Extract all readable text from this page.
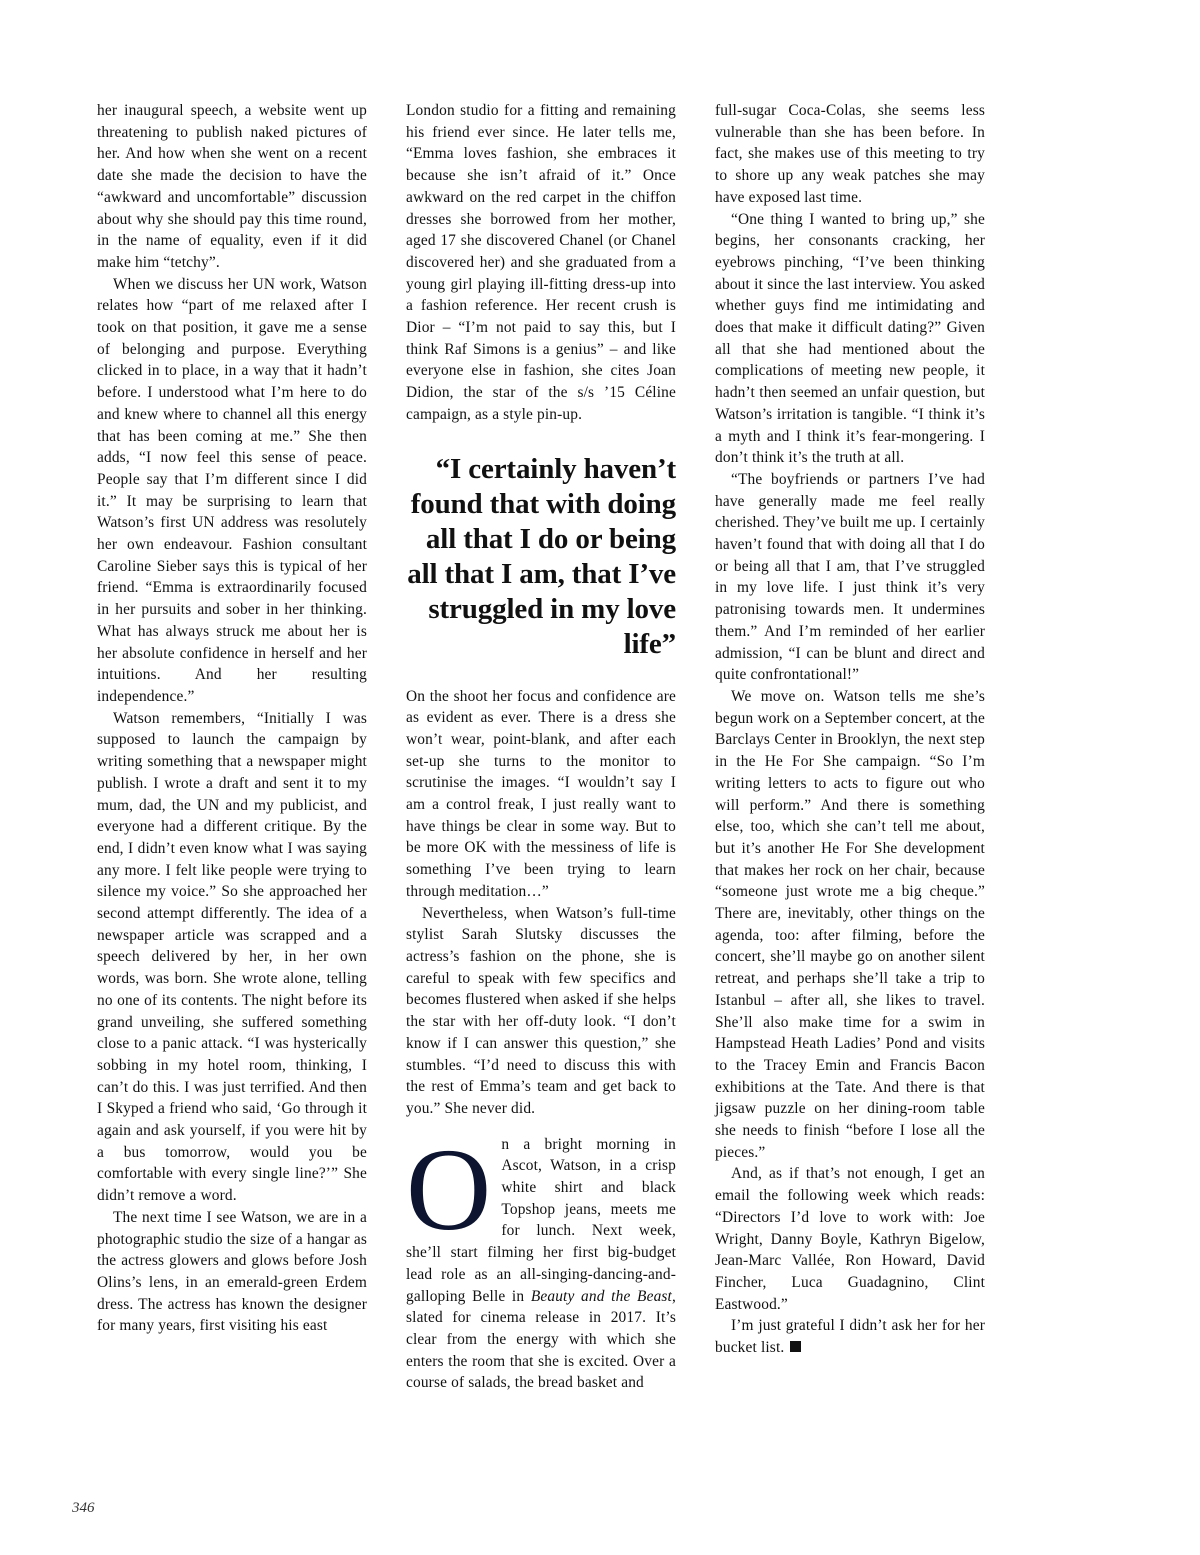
her inaugural speech, a website went up threatening to publish naked pictures of her. And how when she went on a recent date she made the decision to have the “awkward and uncomfortable” discussion about why she should pay this time round, in the name of equality, even if it did make him “tetchy”.

When we discuss her UN work, Watson relates how “part of me relaxed after I took on that position, it gave me a sense of belonging and purpose. Everything clicked in to place, in a way that it hadn’t before. I understood what I’m here to do and knew where to channel all this energy that has been coming at me.” She then adds, “I now feel this sense of peace. People say that I’m different since I did it.” It may be surprising to learn that Watson’s first UN address was resolutely her own endeavour. Fashion consultant Caroline Sieber says this is typical of her friend. “Emma is extraordinarily focused in her pursuits and sober in her thinking. What has always struck me about her is her absolute confidence in herself and her intuitions. And her resulting independence.”

Watson remembers, “Initially I was supposed to launch the campaign by writing something that a newspaper might publish. I wrote a draft and sent it to my mum, dad, the UN and my publicist, and everyone had a different critique. By the end, I didn’t even know what I was saying any more. I felt like people were trying to silence my voice.” So she approached her second attempt differently. The idea of a newspaper article was scrapped and a speech delivered by her, in her own words, was born. She wrote alone, telling no one of its contents. The night before its grand unveiling, she suffered something close to a panic attack. “I was hysterically sobbing in my hotel room, thinking, I can’t do this. I was just terrified. And then I Skyped a friend who said, ‘Go through it again and ask yourself, if you were hit by a bus tomorrow, would you be comfortable with every single line?’” She didn’t remove a word.

The next time I see Watson, we are in a photographic studio the size of a hangar as the actress glowers and glows before Josh Olins’s lens, in an emerald-green Erdem dress. The actress has known the designer for many years, first visiting his east

London studio for a fitting and remaining his friend ever since. He later tells me, “Emma loves fashion, she embraces it because she isn’t afraid of it.” Once awkward on the red carpet in the chiffon dresses she borrowed from her mother, aged 17 she discovered Chanel (or Chanel discovered her) and she graduated from a young girl playing ill-fitting dress-up into a fashion reference. Her recent crush is Dior – “I’m not paid to say this, but I think Raf Simons is a genius” – and like everyone else in fashion, she cites Joan Didion, the star of the s/s ’15 Céline campaign, as a style pin-up.

“I certainly haven’t found that with doing all that I do or being all that I am, that I’ve struggled in my love life”

On the shoot her focus and confidence are as evident as ever. There is a dress she won’t wear, point-blank, and after each set-up she turns to the monitor to scrutinise the images. “I wouldn’t say I am a control freak, I just really want to have things be clear in some way. But to be more OK with the messiness of life is something I’ve been trying to learn through meditation…”

Nevertheless, when Watson’s full-time stylist Sarah Slutsky discusses the actress’s fashion on the phone, she is careful to speak with few specifics and becomes flustered when asked if she helps the star with her off-duty look. “I don’t know if I can answer this question,” she stumbles. “I’d need to discuss this with the rest of Emma’s team and get back to you.” She never did.

On a bright morning in Ascot, Watson, in a crisp white shirt and black Topshop jeans, meets me for lunch. Next week, she’ll start filming her first big-budget lead role as an all-singing-dancing-and-galloping Belle in Beauty and the Beast, slated for cinema release in 2017. It’s clear from the energy with which she enters the room that she is excited. Over a course of salads, the bread basket and

full-sugar Coca-Colas, she seems less vulnerable than she has been before. In fact, she makes use of this meeting to try to shore up any weak patches she may have exposed last time.

“One thing I wanted to bring up,” she begins, her consonants cracking, her eyebrows pinching, “I’ve been thinking about it since the last interview. You asked whether guys find me intimidating and does that make it difficult dating?” Given all that she had mentioned about the complications of meeting new people, it hadn’t then seemed an unfair question, but Watson’s irritation is tangible. “I think it’s a myth and I think it’s fear-mongering. I don’t think it’s the truth at all.

“The boyfriends or partners I’ve had have generally made me feel really cherished. They’ve built me up. I certainly haven’t found that with doing all that I do or being all that I am, that I’ve struggled in my love life. I just think it’s very patronising towards men. It undermines them.” And I’m reminded of her earlier admission, “I can be blunt and direct and quite confrontational!”

We move on. Watson tells me she’s begun work on a September concert, at the Barclays Center in Brooklyn, the next step in the He For She campaign. “So I’m writing letters to acts to figure out who will perform.” And there is something else, too, which she can’t tell me about, but it’s another He For She development that makes her rock on her chair, because “someone just wrote me a big cheque.” There are, inevitably, other things on the agenda, too: after filming, before the concert, she’ll maybe go on another silent retreat, and perhaps she’ll take a trip to Istanbul – after all, she likes to travel. She’ll also make time for a swim in Hampstead Heath Ladies’ Pond and visits to the Tracey Emin and Francis Bacon exhibitions at the Tate. And there is that jigsaw puzzle on her dining-room table she needs to finish “before I lose all the pieces.”

And, as if that’s not enough, I get an email the following week which reads: “Directors I’d love to work with: Joe Wright, Danny Boyle, Kathryn Bigelow, Jean-Marc Vallée, Ron Howard, David Fincher, Luca Guadagnino, Clint Eastwood.”

I’m just grateful I didn’t ask her for her bucket list.

346
